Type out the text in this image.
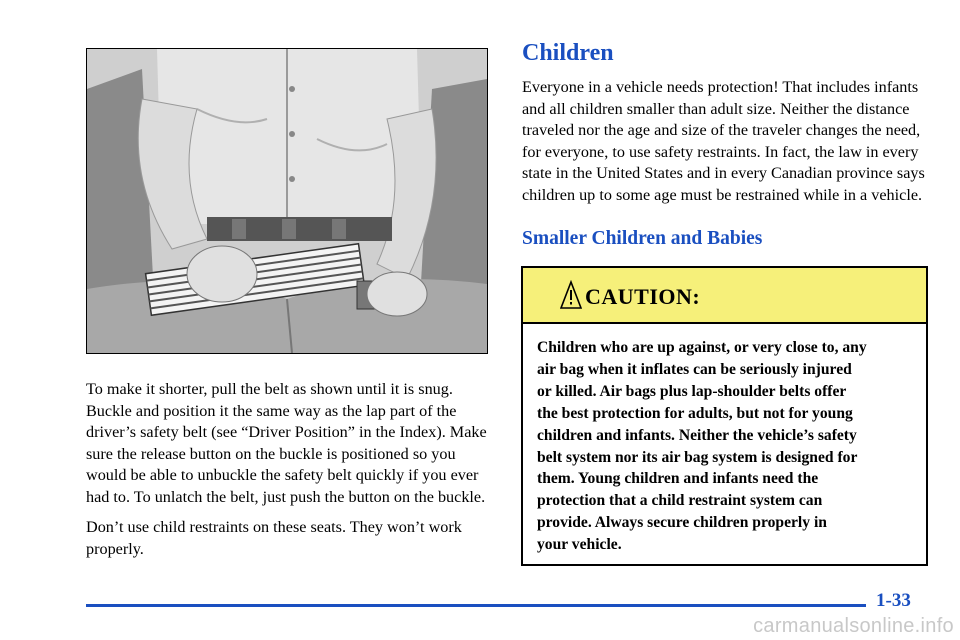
To make it shorter, pull the belt as shown until it is snug. Buckle and position it the same way as the lap part of the driver’s safety belt (see “Driver Position” in the Index). Make sure the release button on the buckle is positioned so you would be able to unbuckle the safety belt quickly if you ever had to. To unlatch the belt, just push the button on the buckle.

Don’t use child restraints on these seats. They won’t work properly.

Children

Everyone in a vehicle needs protection! That includes infants and all children smaller than adult size. Neither the distance traveled nor the age and size of the traveler changes the need, for everyone, to use safety restraints. In fact, the law in every state in the United States and in every Canadian province says children up to some age must be restrained while in a vehicle.

Smaller Children and Babies
CAUTION:

Children who are up against, or very close to, any
air bag when it inflates can be seriously injured
or killed. Air bags plus lap-shoulder belts offer
the best protection for adults, but not for young
children and infants. Neither the vehicle’s safety
belt system nor its air bag system is designed for
them. Young children and infants need the
protection that a child restraint system can
provide. Always secure children properly in
your vehicle.

1-33
carmanualsonline.info
